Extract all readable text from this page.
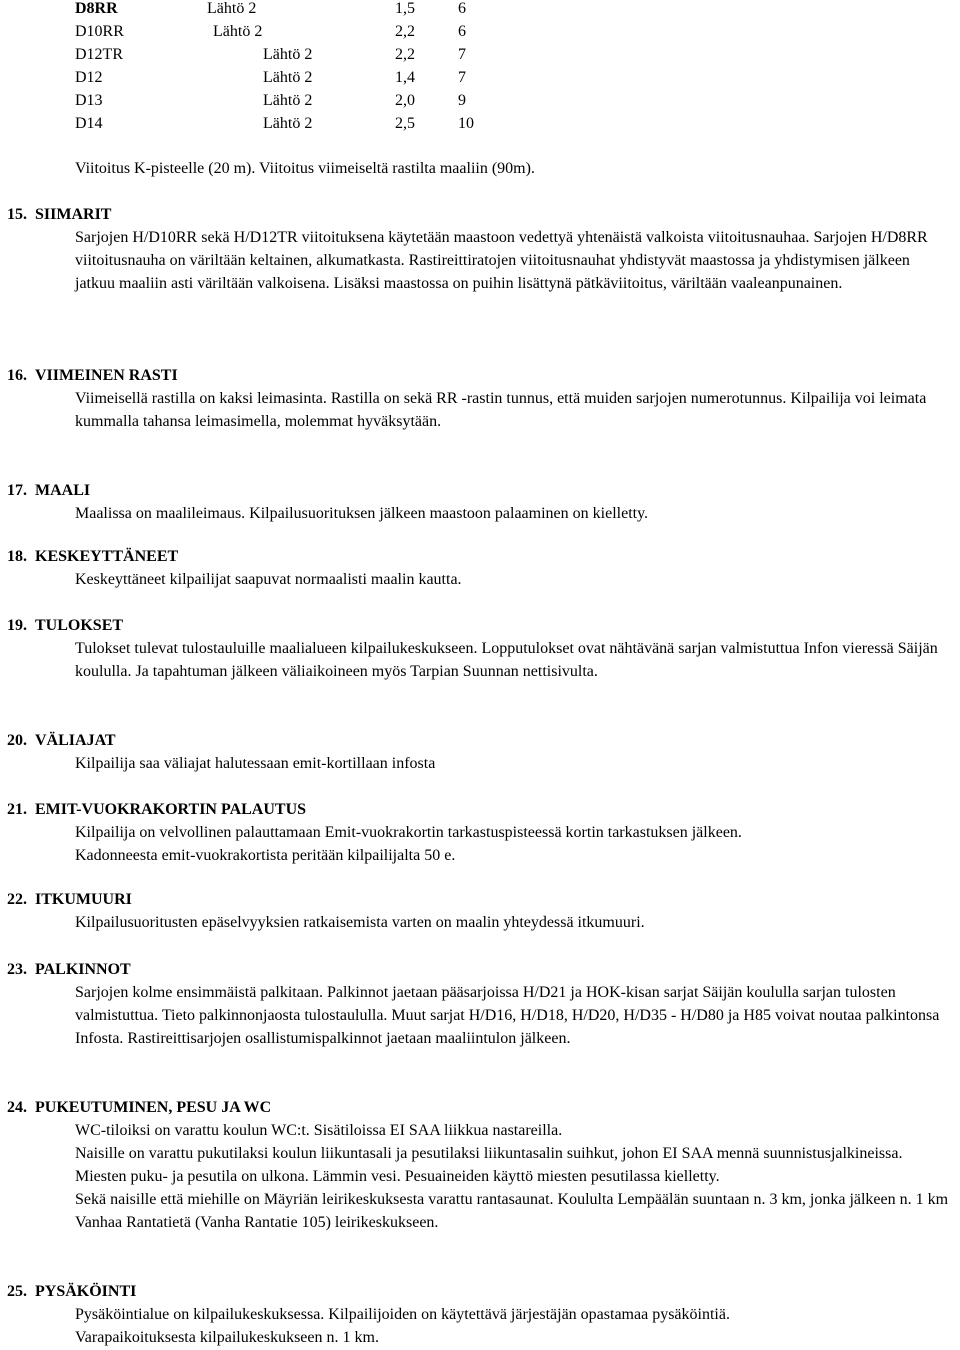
D8RR	Lähtö 2	1,5	6
D10RR	Lähtö 2	2,2	6
D12TR	Lähtö 2	2,2	7
D12	Lähtö 2	1,4	7
D13	Lähtö 2	2,0	9
D14	Lähtö 2	2,5	10
Viitoitus K-pisteelle (20 m). Viitoitus viimeiseltä rastilta maaliin (90m).
15. SIIMARIT

Sarjojen H/D10RR sekä H/D12TR viitoituksena käytetään maastoon vedettyä yhtenäistä valkoista viitoitusnauhaa. Sarjojen H/D8RR viitoitusnauha on väriltään keltainen, alkumatkasta. Rastireittiratojen viitoitusnauhat yhdistyvät maastossa ja yhdistymisen jälkeen jatkuu maaliin asti väriltään valkoisena. Lisäksi maastossa on puihin lisättynä pätkäviitoitus, väriltään vaaleanpunainen.

16. VIIMEINEN RASTI

Viimeisellä rastilla on kaksi leimasinta. Rastilla on sekä RR -rastin tunnus, että muiden sarjojen numerotunnus. Kilpailija voi leimata kummalla tahansa leimasimella, molemmat hyväksytään.

17. MAALI

Maalissa on maalileimaus. Kilpailusuorituksen jälkeen maastoon palaaminen on kielletty.

18. KESKEYTTÄNEET

Keskeyttäneet kilpailijat saapuvat normaalisti maalin kautta.

19. TULOKSET

Tulokset tulevat tulostauluille maalialueen kilpailukeskukseen. Lopputulokset ovat nähtävänä sarjan valmistuttua Infon vieressä Säijän koululla. Ja tapahtuman jälkeen väliaikoineen myös Tarpian Suunnan nettisivulta.

20. VÄLIAJAT

Kilpailija saa väliajat halutessaan emit-kortillaan infosta

21. EMIT-VUOKRAKORTIN PALAUTUS

Kilpailija on velvollinen palauttamaan Emit-vuokrakortin tarkastuspisteessä kortin tarkastuksen jälkeen.

Kadonneesta emit-vuokrakortista peritään kilpailijalta 50 e.

22. ITKUMUURI

Kilpailusuoritusten epäselvyyksien ratkaisemista varten on maalin yhteydessä itkumuuri.

23. PALKINNOT

Sarjojen kolme ensimmäistä palkitaan. Palkinnot jaetaan pääsarjoissa H/D21 ja HOK-kisan sarjat Säijän koululla sarjan tulosten valmistuttua. Tieto palkinnonjaosta tulostaululla. Muut sarjat H/D16, H/D18, H/D20, H/D35 - H/D80 ja H85 voivat noutaa palkintonsa Infosta. Rastireittisarjojen osallistumispalkinnot jaetaan maaliintulon jälkeen.

24. PUKEUTUMINEN, PESU JA WC

WC-tiloiksi on varattu koulun WC:t. Sisätiloissa EI SAA liikkua nastareilla.

Naisille on varattu pukutilaksi koulun liikuntasali ja pesutilaksi liikuntasalin suihkut, johon EI SAA mennä suunnistusjalkineissa.

Miesten puku- ja pesutila on ulkona. Lämmin vesi. Pesuaineiden käyttö miesten pesutilassa kielletty.

Sekä naisille että miehille on Mäyriän leirikeskuksesta varattu rantasaunat. Koululta Lempäälän suuntaan n. 3 km, jonka jälkeen n. 1 km Vanhaa Rantatietä (Vanha Rantatie 105) leirikeskukseen.

25. PYSÄKÖINTI

Pysäköintialue on kilpailukeskuksessa. Kilpailijoiden on käytettävä järjestäjän opastamaa pysäköintiä.

Varapaikoituksesta kilpailukeskukseen n. 1 km.
